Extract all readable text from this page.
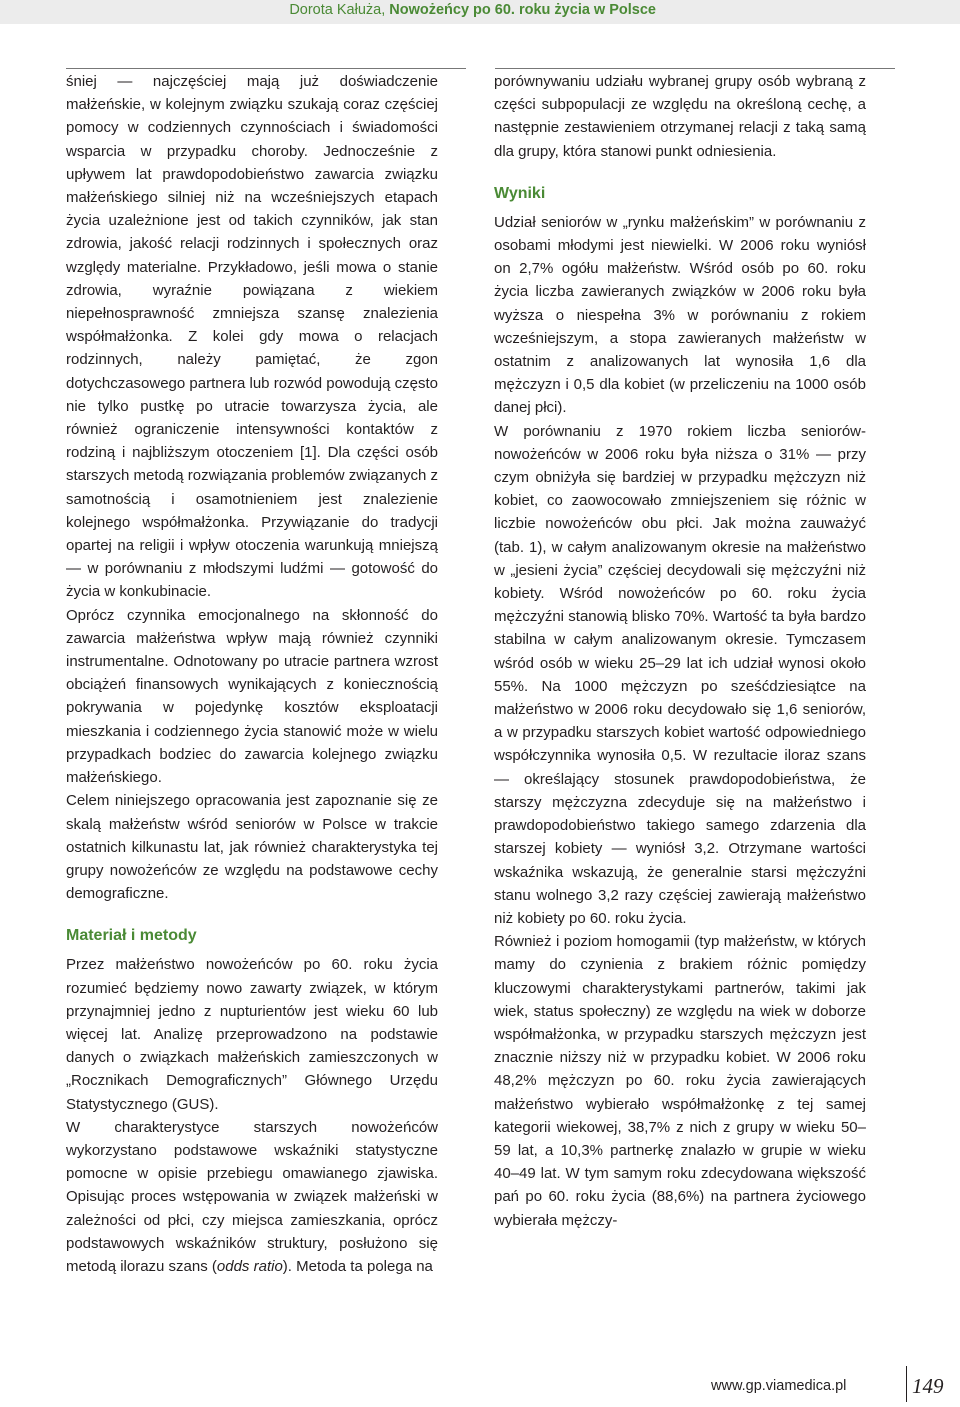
Dorota Kałuża, Nowożeńcy po 60. roku życia w Polsce

śniej — najczęściej mają już doświadczenie małżeńskie, w kolejnym związku szukają coraz częściej pomocy w codziennych czynnościach i świadomości wsparcia w przypadku choroby. Jednocześnie z upływem lat prawdopodobieństwo zawarcia związku małżeńskiego silniej niż na wcześniejszych etapach życia uzależnione jest od takich czynników, jak stan zdrowia, jakość relacji rodzinnych i społecznych oraz względy materialne. Przykładowo, jeśli mowa o stanie zdrowia, wyraźnie powiązana z wiekiem niepełnosprawność zmniejsza szansę znalezienia współmałżonka. Z kolei gdy mowa o relacjach rodzinnych, należy pamiętać, że zgon dotychczasowego partnera lub rozwód powodują często nie tylko pustkę po utracie towarzysza życia, ale również ograniczenie intensywności kontaktów z rodziną i najbliższym otoczeniem [1]. Dla części osób starszych metodą rozwiązania problemów związanych z samotnością i osamotnieniem jest znalezienie kolejnego współmałżonka. Przywiązanie do tradycji opartej na religii i wpływ otoczenia warunkują mniejszą — w porównaniu z młodszymi ludźmi — gotowość do życia w konkubinacie.

Oprócz czynnika emocjonalnego na skłonność do zawarcia małżeństwa wpływ mają również czynniki instrumentalne. Odnotowany po utracie partnera wzrost obciążeń finansowych wynikających z koniecznością pokrywania w pojedynkę kosztów eksploatacji mieszkania i codziennego życia stanowić może w wielu przypadkach bodziec do zawarcia kolejnego związku małżeńskiego.

Celem niniejszego opracowania jest zapoznanie się ze skalą małżeństw wśród seniorów w Polsce w trakcie ostatnich kilkunastu lat, jak również charakterystyka tej grupy nowożeńców ze względu na podstawowe cechy demograficzne.

Materiał i metody

Przez małżeństwo nowożeńców po 60. roku życia rozumieć będziemy nowo zawarty związek, w którym przynajmniej jedno z nupturientów jest wieku 60 lub więcej lat. Analizę przeprowadzono na podstawie danych o związkach małżeńskich zamieszczonych w „Rocznikach Demograficznych” Głównego Urzędu Statystycznego (GUS).

W charakterystyce starszych nowożeńców wykorzystano podstawowe wskaźniki statystyczne pomocne w opisie przebiegu omawianego zjawiska. Opisując proces wstępowania w związek małżeński w zależności od płci, czy miejsca zamieszkania, oprócz podstawowych wskaźników struktury, posłużono się metodą ilorazu szans (odds ratio). Metoda ta polega na

porównywaniu udziału wybranej grupy osób wybraną z części subpopulacji ze względu na określoną cechę, a następnie zestawieniem otrzymanej relacji z taką samą dla grupy, która stanowi punkt odniesienia.

Wyniki

Udział seniorów w „rynku małżeńskim” w porównaniu z osobami młodymi jest niewielki. W 2006 roku wyniósł on 2,7% ogółu małżeństw. Wśród osób po 60. roku życia liczba zawieranych związków w 2006 roku była wyższa o niespełna 3% w porównaniu z rokiem wcześniejszym, a stopa zawieranych małżeństw w ostatnim z analizowanych lat wynosiła 1,6 dla mężczyzn i 0,5 dla kobiet (w przeliczeniu na 1000 osób danej płci).

W porównaniu z 1970 rokiem liczba seniorów-nowożeńców w 2006 roku była niższa o 31% — przy czym obniżyła się bardziej w przypadku mężczyzn niż kobiet, co zaowocowało zmniejszeniem się różnic w liczbie nowożeńców obu płci. Jak można zauważyć (tab. 1), w całym analizowanym okresie na małżeństwo w „jesieni życia” częściej decydowali się mężczyźni niż kobiety. Wśród nowożeńców po 60. roku życia mężczyźni stanowią blisko 70%. Wartość ta była bardzo stabilna w całym analizowanym okresie. Tymczasem wśród osób w wieku 25–29 lat ich udział wynosi około 55%. Na 1000 mężczyzn po sześćdziesiątce na małżeństwo w 2006 roku decydowało się 1,6 seniorów, a w przypadku starszych kobiet wartość odpowiedniego współczynnika wynosiła 0,5. W rezultacie iloraz szans — określający stosunek prawdopodobieństwa, że starszy mężczyzna zdecyduje się na małżeństwo i prawdopodobieństwo takiego samego zdarzenia dla starszej kobiety — wyniósł 3,2. Otrzymane wartości wskaźnika wskazują, że generalnie starsi mężczyźni stanu wolnego 3,2 razy częściej zawierają małżeństwo niż kobiety po 60. roku życia.

Również i poziom homogamii (typ małżeństw, w których mamy do czynienia z brakiem różnic pomiędzy kluczowymi charakterystykami partnerów, takimi jak wiek, status społeczny) ze względu na wiek w doborze współmałżonka, w przypadku starszych mężczyzn jest znacznie niższy niż w przypadku kobiet. W 2006 roku 48,2% mężczyzn po 60. roku życia zawierających małżeństwo wybierało współmałżonkę z tej samej kategorii wiekowej, 38,7% z nich z grupy w wieku 50–59 lat, a 10,3% partnerkę znalazło w grupie w wieku 40–49 lat. W tym samym roku zdecydowana większość pań po 60. roku życia (88,6%) na partnera życiowego wybierała mężczy-

www.gp.viamedica.pl	149
